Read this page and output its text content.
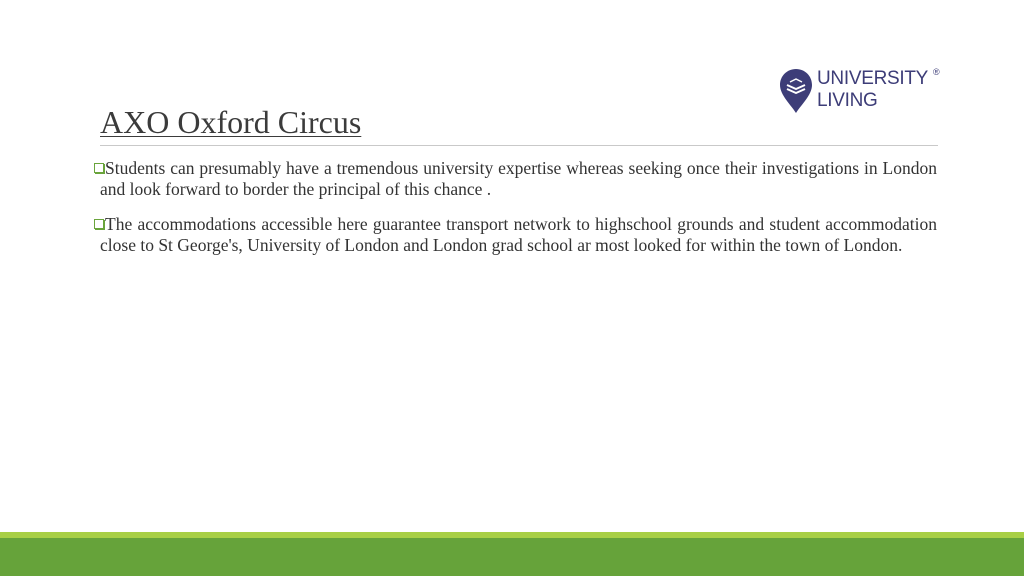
UNIVERSITY
LIVING
®
AXO Oxford Circus

Students can presumably have a tremendous university expertise whereas seeking once their investigations in London and look forward to border the principal of this chance .

The accommodations accessible here guarantee transport network to highschool grounds and student accommodation close to St George's, University of London and London grad school ar most looked for within the town of London.
